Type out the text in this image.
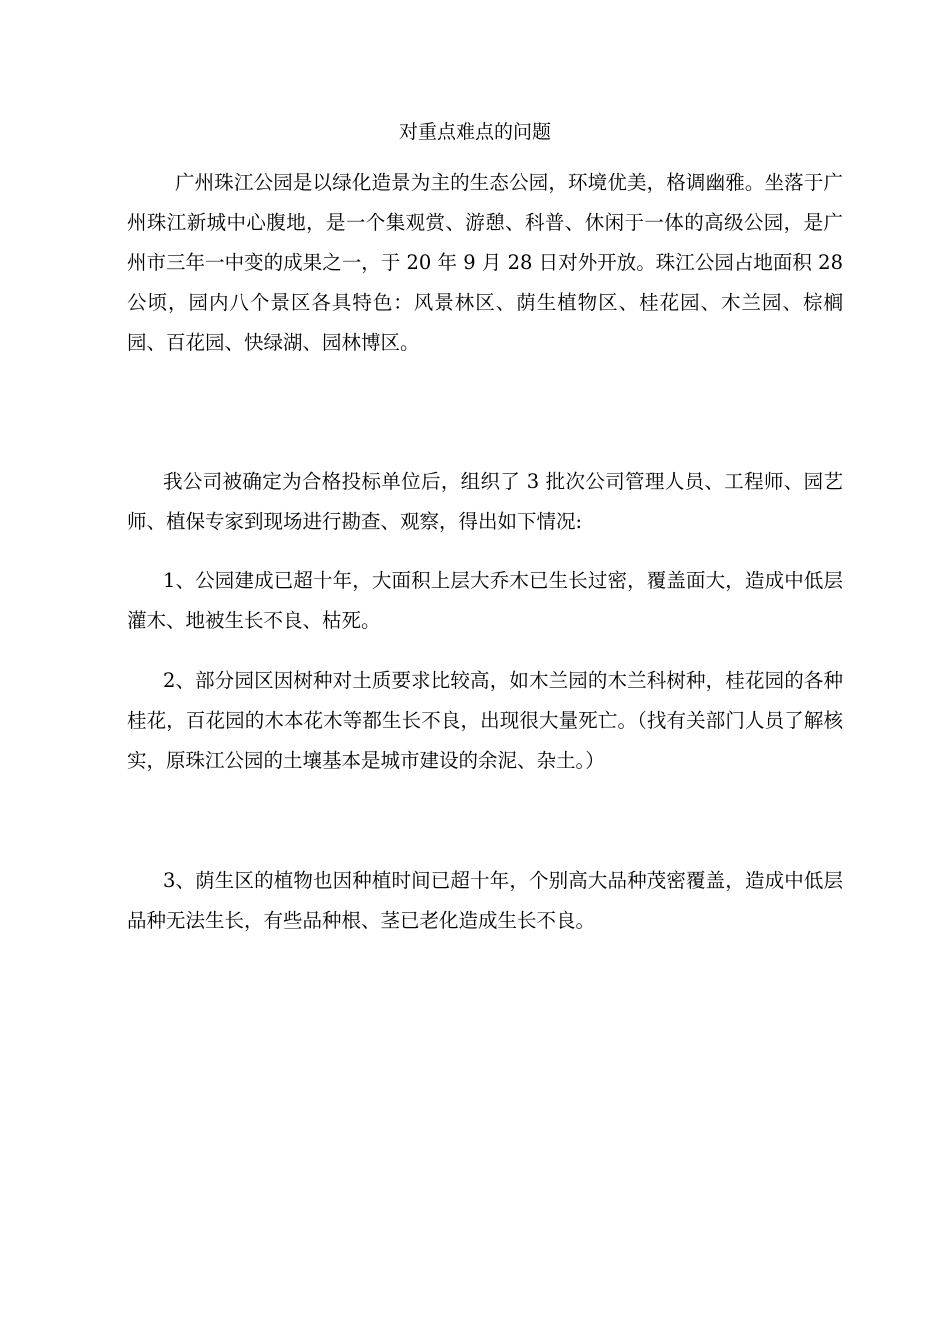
对重点难点的问题

广州珠江公园是以绿化造景为主的生态公园，环境优美，格调幽雅。坐落于广州珠江新城中心腹地，是一个集观赏、游憩、科普、休闲于一体的高级公园，是广州市三年一中变的成果之一，于 20 年 9 月 28 日对外开放。珠江公园占地面积 28 公顷，园内八个景区各具特色：风景林区、荫生植物区、桂花园、木兰园、棕榈园、百花园、快绿湖、园林博区。

我公司被确定为合格投标单位后，组织了 3 批次公司管理人员、工程师、园艺师、植保专家到现场进行勘查、观察，得出如下情况:

1、公园建成已超十年，大面积上层大乔木已生长过密，覆盖面大，造成中低层灌木、地被生长不良、枯死。

2、部分园区因树种对土质要求比较高，如木兰园的木兰科树种，桂花园的各种桂花，百花园的木本花木等都生长不良，出现很大量死亡。（找有关部门人员了解核实，原珠江公园的土壤基本是城市建设的余泥、杂土。）

3、荫生区的植物也因种植时间已超十年，个别高大品种茂密覆盖，造成中低层品种无法生长，有些品种根、茎已老化造成生长不良。
